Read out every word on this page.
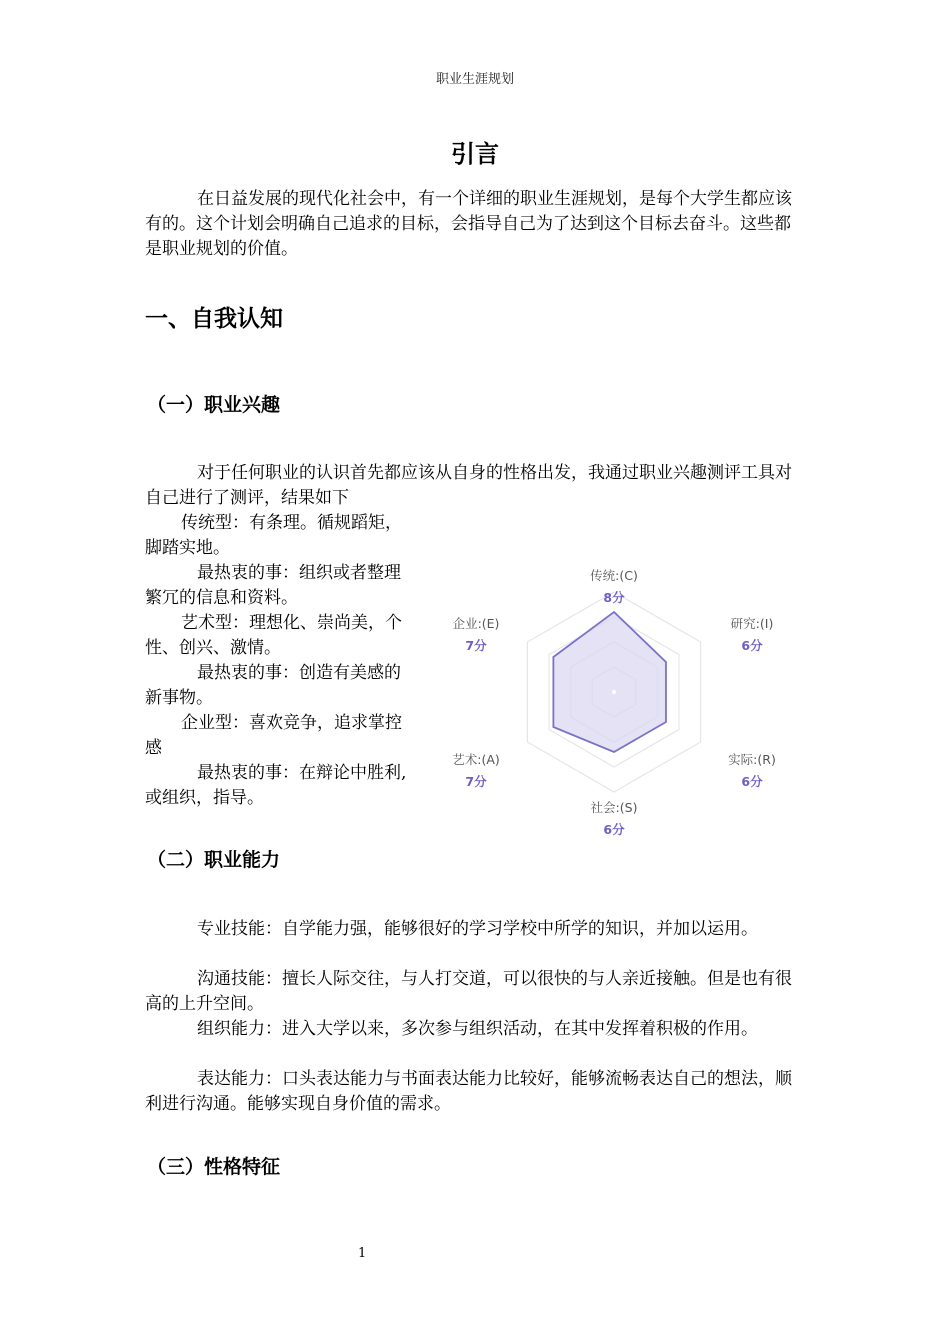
职业生涯规划
引言

在日益发展的现代化社会中，有一个详细的职业生涯规划，是每个大学生都应该有的。这个计划会明确自己追求的目标，会指导自己为了达到这个目标去奋斗。这些都是职业规划的价值。

一、自我认知
（一）职业兴趣

对于任何职业的认识首先都应该从自身的性格出发，我通过职业兴趣测评工具对自己进行了测评，结果如下

传统型：有条理。循规蹈矩，脚踏实地。

最热衷的事：组织或者整理繁冗的信息和资料。

艺术型：理想化、崇尚美，个性、创兴、激情。

最热衷的事：创造有美感的新事物。

企业型：喜欢竞争，追求掌控感

最热衷的事：在辩论中胜利,或组织，指导。

传统:(C)
8分
研究:(I)
6分
实际:(R)
6分
社会:(S)
6分
艺术:(A)
7分
企业:(E)
7分
（二）职业能力

专业技能：自学能力强，能够很好的学习学校中所学的知识，并加以运用。

沟通技能：擅长人际交往，与人打交道，可以很快的与人亲近接触。但是也有很高的上升空间。

组织能力：进入大学以来，多次参与组织活动，在其中发挥着积极的作用。

表达能力：口头表达能力与书面表达能力比较好，能够流畅表达自己的想法，顺利进行沟通。能够实现自身价值的需求。

（三）性格特征
1
